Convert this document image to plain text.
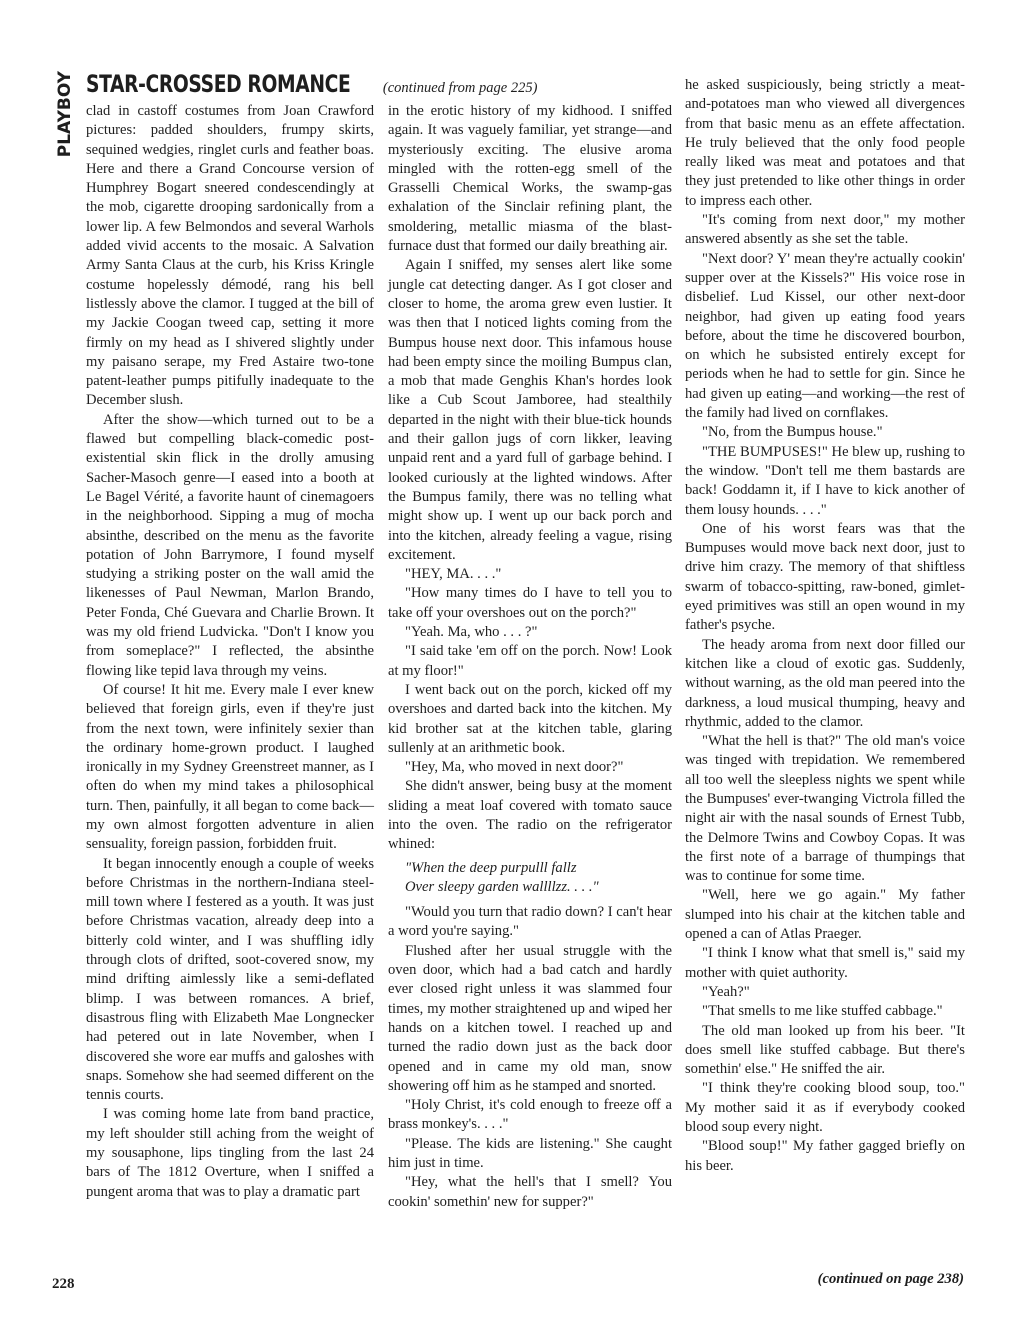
PLAYBOY STAR-CROSSED ROMANCE (continued from page 225)

clad in castoff costumes from Joan Crawford pictures: padded shoulders, frumpy skirts, sequined wedgies, ringlet curls and feather boas. Here and there a Grand Concourse version of Humphrey Bogart sneered condescendingly at the mob, cigarette drooping sardonically from a lower lip. A few Belmondos and several Warhols added vivid accents to the mosaic. A Salvation Army Santa Claus at the curb, his Kriss Kringle costume hopelessly démodé, rang his bell listlessly above the clamor. I tugged at the bill of my Jackie Coogan tweed cap, setting it more firmly on my head as I shivered slightly under my paisano serape, my Fred Astaire two-tone patent-leather pumps pitifully inadequate to the December slush.

After the show—which turned out to be a flawed but compelling black-comedic post-existential skin flick in the drolly amusing Sacher-Masoch genre—I eased into a booth at Le Bagel Vérité, a favorite haunt of cinemagoers in the neighborhood. Sipping a mug of mocha absinthe, described on the menu as the favorite potation of John Barrymore, I found myself studying a striking poster on the wall amid the likenesses of Paul Newman, Marlon Brando, Peter Fonda, Ché Guevara and Charlie Brown. It was my old friend Ludvicka. "Don't I know you from someplace?" I reflected, the absinthe flowing like tepid lava through my veins.

Of course! It hit me. Every male I ever knew believed that foreign girls, even if they're just from the next town, were infinitely sexier than the ordinary home-grown product. I laughed ironically in my Sydney Greenstreet manner, as I often do when my mind takes a philosophical turn. Then, painfully, it all began to come back—my own almost forgotten adventure in alien sensuality, foreign passion, forbidden fruit.

It began innocently enough a couple of weeks before Christmas in the northern-Indiana steel-mill town where I festered as a youth. It was just before Christmas vacation, already deep into a bitterly cold winter, and I was shuffling idly through clots of drifted, soot-covered snow, my mind drifting aimlessly like a semi-deflated blimp. I was between romances. A brief, disastrous fling with Elizabeth Mae Longnecker had petered out in late November, when I discovered she wore ear muffs and galoshes with snaps. Somehow she had seemed different on the tennis courts.

I was coming home late from band practice, my left shoulder still aching from the weight of my sousaphone, lips tingling from the last 24 bars of The 1812 Overture, when I sniffed a pungent aroma that was to play a dramatic part

in the erotic history of my kidhood. I sniffed again. It was vaguely familiar, yet strange—and mysteriously exciting. The elusive aroma mingled with the rotten-egg smell of the Grasselli Chemical Works, the swamp-gas exhalation of the Sinclair refining plant, the smoldering, metallic miasma of the blast-furnace dust that formed our daily breathing air.

Again I sniffed, my senses alert like some jungle cat detecting danger. As I got closer and closer to home, the aroma grew even lustier. It was then that I noticed lights coming from the Bumpus house next door. This infamous house had been empty since the moiling Bumpus clan, a mob that made Genghis Khan's hordes look like a Cub Scout Jamboree, had stealthily departed in the night with their blue-tick hounds and their gallon jugs of corn likker, leaving unpaid rent and a yard full of garbage behind. I looked curiously at the lighted windows. After the Bumpus family, there was no telling what might show up. I went up our back porch and into the kitchen, already feeling a vague, rising excitement.

"HEY, MA. . . ."

"How many times do I have to tell you to take off your overshoes out on the porch?"

"Yeah. Ma, who . . . ?"

"I said take 'em off on the porch. Now! Look at my floor!"

I went back out on the porch, kicked off my overshoes and darted back into the kitchen. My kid brother sat at the kitchen table, glaring sullenly at an arithmetic book.

"Hey, Ma, who moved in next door?"

She didn't answer, being busy at the moment sliding a meat loaf covered with tomato sauce into the oven. The radio on the refrigerator whined:

"When the deep purpulll fallz
Over sleepy garden wallllzz. . . ."

"Would you turn that radio down? I can't hear a word you're saying."

Flushed after her usual struggle with the oven door, which had a bad catch and hardly ever closed right unless it was slammed four times, my mother straightened up and wiped her hands on a kitchen towel. I reached up and turned the radio down just as the back door opened and in came my old man, snow showering off him as he stamped and snorted.

"Holy Christ, it's cold enough to freeze off a brass monkey's. . . ."

"Please. The kids are listening." She caught him just in time.

"Hey, what the hell's that I smell? You cookin' somethin' new for supper?"

he asked suspiciously, being strictly a meat-and-potatoes man who viewed all divergences from that basic menu as an effete affectation. He truly believed that the only food people really liked was meat and potatoes and that they just pretended to like other things in order to impress each other.

"It's coming from next door," my mother answered absently as she set the table.

"Next door? Y' mean they're actually cookin' supper over at the Kissels?" His voice rose in disbelief. Lud Kissel, our other next-door neighbor, had given up eating food years before, about the time he discovered bourbon, on which he subsisted entirely except for periods when he had to settle for gin. Since he had given up eating—and working—the rest of the family had lived on cornflakes.

"No, from the Bumpus house."

"THE BUMPUSES!" He blew up, rushing to the window. "Don't tell me them bastards are back! Goddamn it, if I have to kick another of them lousy hounds. . . ."

One of his worst fears was that the Bumpuses would move back next door, just to drive him crazy. The memory of that shiftless swarm of tobacco-spitting, raw-boned, gimlet-eyed primitives was still an open wound in my father's psyche.

The heady aroma from next door filled our kitchen like a cloud of exotic gas. Suddenly, without warning, as the old man peered into the darkness, a loud musical thumping, heavy and rhythmic, added to the clamor.

"What the hell is that?" The old man's voice was tinged with trepidation. We remembered all too well the sleepless nights we spent while the Bumpuses' ever-twanging Victrola filled the night air with the nasal sounds of Ernest Tubb, the Delmore Twins and Cowboy Copas. It was the first note of a barrage of thumpings that was to continue for some time.

"Well, here we go again." My father slumped into his chair at the kitchen table and opened a can of Atlas Praeger.

"I think I know what that smell is," said my mother with quiet authority.

"Yeah?"

"That smells to me like stuffed cabbage."

The old man looked up from his beer. "It does smell like stuffed cabbage. But there's somethin' else." He sniffed the air.

"I think they're cooking blood soup, too." My mother said it as if everybody cooked blood soup every night.

"Blood soup!" My father gagged briefly on his beer.

228	(continued on page 238)
